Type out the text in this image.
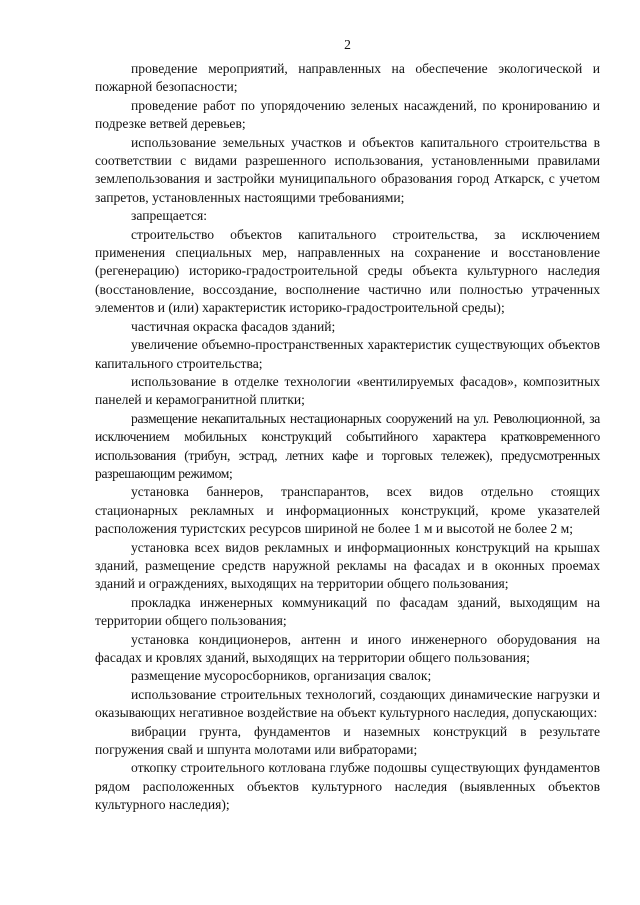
2

проведение мероприятий, направленных на обеспечение экологической и пожарной безопасности;

проведение работ по упорядочению зеленых насаждений, по кронированию и подрезке ветвей деревьев;

использование земельных участков и объектов капитального строительства в соответствии с видами разрешенного использования, установленными правилами землепользования и застройки муниципального образования город Аткарск, с учетом запретов, установленных настоящими требованиями;

запрещается:

строительство объектов капитального строительства, за исключением применения специальных мер, направленных на сохранение и восстановление (регенерацию) историко-градостроительной среды объекта культурного наследия (восстановление, воссоздание, восполнение частично или полностью утраченных элементов и (или) характеристик историко-градостроительной среды);

частичная окраска фасадов зданий;

увеличение объемно-пространственных характеристик существующих объектов капитального строительства;

использование в отделке технологии «вентилируемых фасадов», композитных панелей и керамогранитной плитки;

размещение некапитальных нестационарных сооружений на ул. Революционной, за исключением мобильных конструкций событийного характера кратковременного использования (трибун, эстрад, летних кафе и торговых тележек), предусмотренных разрешающим режимом;

установка баннеров, транспарантов, всех видов отдельно стоящих стационарных рекламных и информационных конструкций, кроме указателей расположения туристских ресурсов шириной не более 1 м и высотой не более 2 м;

установка всех видов рекламных и информационных конструкций на крышах зданий, размещение средств наружной рекламы на фасадах и в оконных проемах зданий и ограждениях, выходящих на территории общего пользования;

прокладка инженерных коммуникаций по фасадам зданий, выходящим на территории общего пользования;

установка кондиционеров, антенн и иного инженерного оборудования на фасадах и кровлях зданий, выходящих на территории общего пользования;

размещение мусоросборников, организация свалок;

использование строительных технологий, создающих динамические нагрузки и оказывающих негативное воздействие на объект культурного наследия, допускающих:

вибрации грунта, фундаментов и наземных конструкций в результате погружения свай и шпунта молотами или вибраторами;

откопку строительного котлована глубже подошвы существующих фундаментов рядом расположенных объектов культурного наследия (выявленных объектов культурного наследия);
